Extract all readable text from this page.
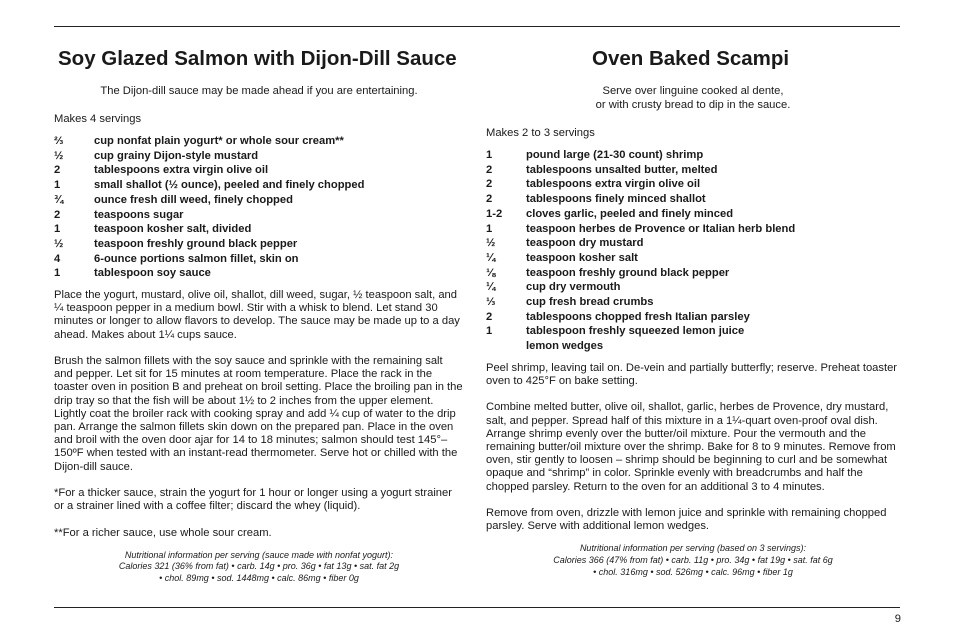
Soy Glazed Salmon with Dijon-Dill Sauce
The Dijon-dill sauce may be made ahead if you are entertaining.
Makes 4 servings
⅔	cup nonfat plain yogurt* or whole sour cream**
½	cup grainy Dijon-style mustard
2	tablespoons extra virgin olive oil
1	small shallot (½ ounce), peeled and finely chopped
¾	ounce fresh dill weed, finely chopped
2	teaspoons sugar
1	teaspoon kosher salt, divided
½	teaspoon freshly ground black pepper
4	6-ounce portions salmon fillet, skin on
1	tablespoon soy sauce

Place the yogurt, mustard, olive oil, shallot, dill weed, sugar, ½ teaspoon salt, and ¼ teaspoon pepper in a medium bowl. Stir with a whisk to blend. Let stand 30 minutes or longer to allow flavors to develop. The sauce may be made up to a day ahead. Makes about 1¼ cups sauce.

Brush the salmon fillets with the soy sauce and sprinkle with the remaining salt and pepper. Let sit for 15 minutes at room temperature. Place the rack in the toaster oven in position B and preheat on broil setting. Place the broiling pan in the drip tray so that the fish will be about 1½ to 2 inches from the upper element. Lightly coat the broiler rack with cooking spray and add ¼ cup of water to the drip pan. Arrange the salmon fillets skin down on the prepared pan. Place in the oven and broil with the oven door ajar for 14 to 18 minutes; salmon should test 145°–150ºF when tested with an instant-read thermometer. Serve hot or chilled with the Dijon-dill sauce.

*For a thicker sauce, strain the yogurt for 1 hour or longer using a yogurt strainer or a strainer lined with a coffee filter; discard the whey (liquid).

**For a richer sauce, use whole sour cream.

Nutritional information per serving (sauce made with nonfat yogurt):
Calories 321 (36% from fat) • carb. 14g • pro. 36g • fat 13g • sat. fat 2g
• chol. 89mg • sod. 1448mg • calc. 86mg • fiber 0g
Oven Baked Scampi
Serve over linguine cooked al dente,
or with crusty bread to dip in the sauce.
Makes 2 to 3 servings
1	pound large (21-30 count) shrimp
2	tablespoons unsalted butter, melted
2	tablespoons extra virgin olive oil
2	tablespoons finely minced shallot
1-2	cloves garlic, peeled and finely minced
1	teaspoon herbes de Provence or Italian herb blend
½	teaspoon dry mustard
¼	teaspoon kosher salt
⅛	teaspoon freshly ground black pepper
¼	cup dry vermouth
⅓	cup fresh bread crumbs
2	tablespoons chopped fresh Italian parsley
1	tablespoon freshly squeezed lemon juice
lemon wedges

Peel shrimp, leaving tail on. De-vein and partially butterfly; reserve. Preheat toaster oven to 425°F on bake setting.

Combine melted butter, olive oil, shallot, garlic, herbes de Provence, dry mustard, salt, and pepper. Spread half of this mixture in a 1¼-quart oven-proof oval dish. Arrange shrimp evenly over the butter/oil mixture. Pour the vermouth and the remaining butter/oil mixture over the shrimp. Bake for 8 to 9 minutes. Remove from oven, stir gently to loosen – shrimp should be beginning to curl and be somewhat opaque and “shrimp” in color. Sprinkle evenly with breadcrumbs and half the chopped parsley. Return to the oven for an additional 3 to 4 minutes.

Remove from oven, drizzle with lemon juice and sprinkle with remaining chopped parsley. Serve with additional lemon wedges.

Nutritional information per serving (based on 3 servings):
Calories 366 (47% from fat) • carb. 11g • pro. 34g • fat 19g • sat. fat 6g
• chol. 316mg • sod. 526mg • calc. 96mg • fiber 1g
9
